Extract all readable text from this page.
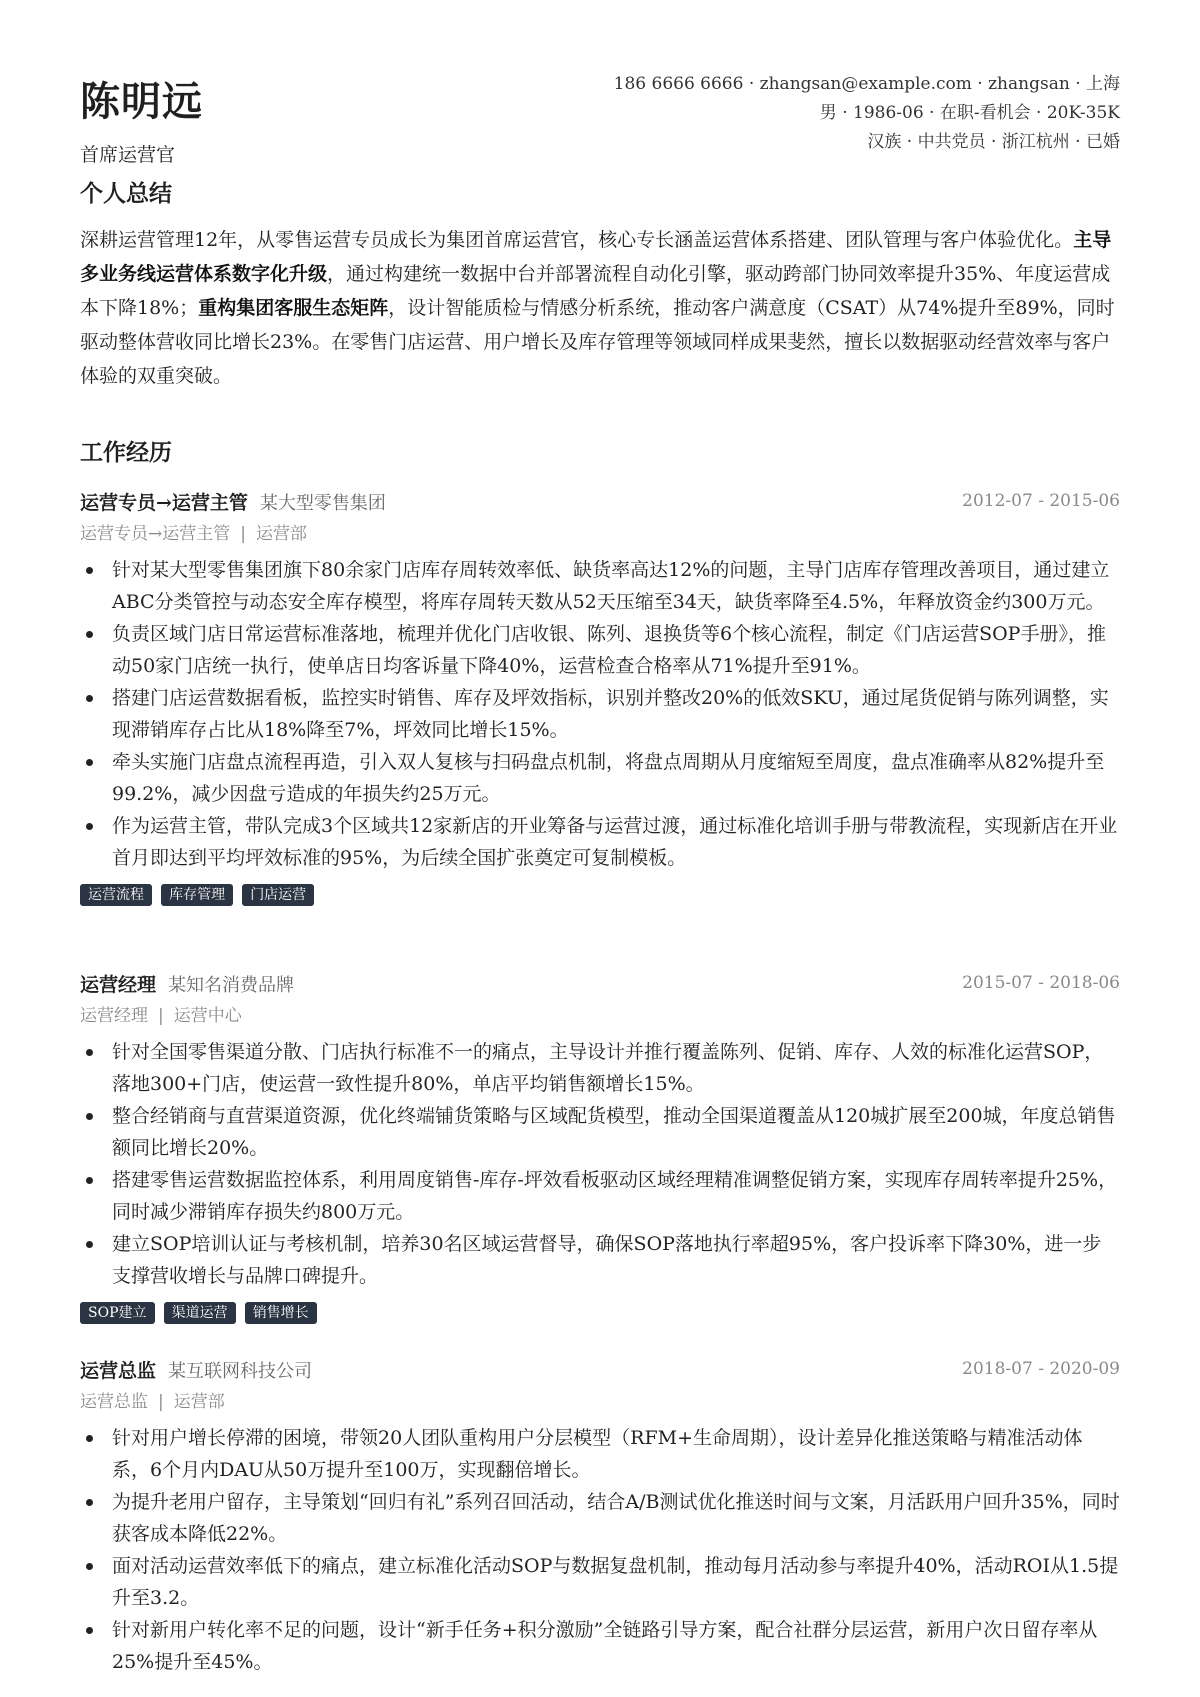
陈明远
首席运营官
186 6666 6666 · zhangsan@example.com · zhangsan · 上海
男 · 1986-06 · 在职-看机会 · 20K-35K
汉族 · 中共党员 · 浙江杭州 · 已婚
个人总结

深耕运营管理12年，从零售运营专员成长为集团首席运营官，核心专长涵盖运营体系搭建、团队管理与客户体验优化。主导多业务线运营体系数字化升级，通过构建统一数据中台并部署流程自动化引擎，驱动跨部门协同效率提升35%、年度运营成本下降18%；重构集团客服生态矩阵，设计智能质检与情感分析系统，推动客户满意度（CSAT）从74%提升至89%，同时驱动整体营收同比增长23%。在零售门店运营、用户增长及库存管理等领域同样成果斐然，擅长以数据驱动经营效率与客户体验的双重突破。

工作经历
运营专员→运营主管 某大型零售集团	2012-07 - 2015-06
运营专员→运营主管 | 运营部
针对某大型零售集团旗下80余家门店库存周转效率低、缺货率高达12%的问题，主导门店库存管理改善项目，通过建立ABC分类管控与动态安全库存模型，将库存周转天数从52天压缩至34天，缺货率降至4.5%，年释放资金约300万元。
负责区域门店日常运营标准落地，梳理并优化门店收银、陈列、退换货等6个核心流程，制定《门店运营SOP手册》，推动50家门店统一执行，使单店日均客诉量下降40%，运营检查合格率从71%提升至91%。
搭建门店运营数据看板，监控实时销售、库存及坪效指标，识别并整改20%的低效SKU，通过尾货促销与陈列调整，实现滞销库存占比从18%降至7%，坪效同比增长15%。
牵头实施门店盘点流程再造，引入双人复核与扫码盘点机制，将盘点周期从月度缩短至周度，盘点准确率从82%提升至99.2%，减少因盘亏造成的年损失约25万元。
作为运营主管，带队完成3个区域共12家新店的开业筹备与运营过渡，通过标准化培训手册与带教流程，实现新店在开业首月即达到平均坪效标准的95%，为后续全国扩张奠定可复制模板。
运营流程 库存管理 门店运营
运营经理 某知名消费品牌	2015-07 - 2018-06
运营经理 | 运营中心
针对全国零售渠道分散、门店执行标准不一的痛点，主导设计并推行覆盖陈列、促销、库存、人效的标准化运营SOP，落地300+门店，使运营一致性提升80%，单店平均销售额增长15%。
整合经销商与直营渠道资源，优化终端铺货策略与区域配货模型，推动全国渠道覆盖从120城扩展至200城，年度总销售额同比增长20%。
搭建零售运营数据监控体系，利用周度销售-库存-坪效看板驱动区域经理精准调整促销方案，实现库存周转率提升25%，同时减少滞销库存损失约800万元。
建立SOP培训认证与考核机制，培养30名区域运营督导，确保SOP落地执行率超95%，客户投诉率下降30%，进一步支撑营收增长与品牌口碑提升。
SOP建立 渠道运营 销售增长
运营总监 某互联网科技公司	2018-07 - 2020-09
运营总监 | 运营部
针对用户增长停滞的困境，带领20人团队重构用户分层模型（RFM+生命周期），设计差异化推送策略与精准活动体系，6个月内DAU从50万提升至100万，实现翻倍增长。
为提升老用户留存，主导策划“回归有礼”系列召回活动，结合A/B测试优化推送时间与文案，月活跃用户回升35%，同时获客成本降低22%。
面对活动运营效率低下的痛点，建立标准化活动SOP与数据复盘机制，推动每月活动参与率提升40%，活动ROI从1.5提升至3.2。
针对新用户转化率不足的问题，设计“新手任务+积分激励”全链路引导方案，配合社群分层运营，新用户次日留存率从25%提升至45%。
